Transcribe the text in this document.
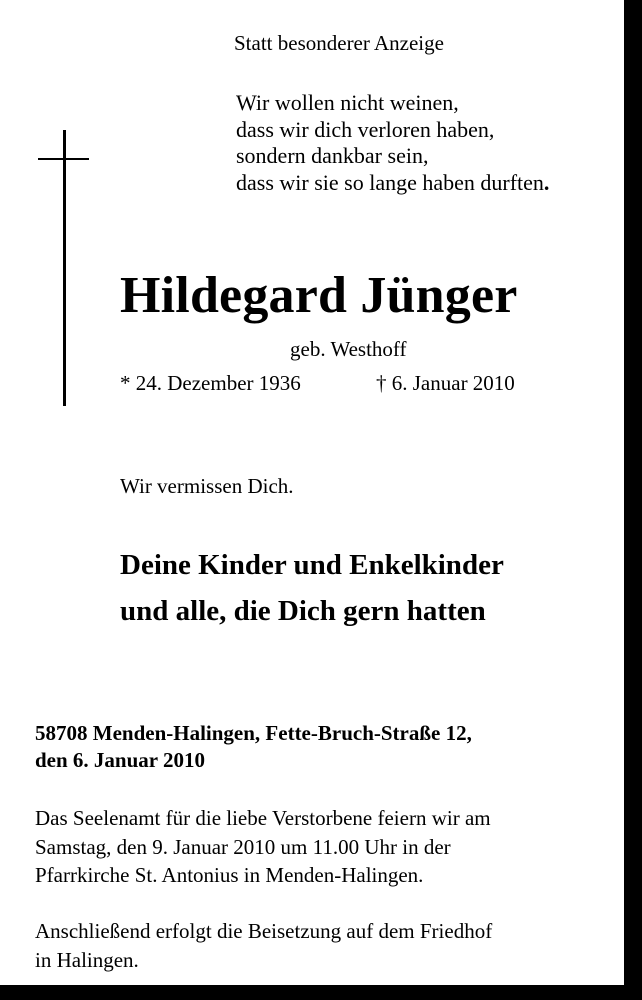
Statt besonderer Anzeige
Wir wollen nicht weinen,
dass wir dich verloren haben,
sondern dankbar sein,
dass wir sie so lange haben durften.
Hildegard Jünger
geb. Westhoff
* 24. Dezember 1936	† 6. Januar 2010
Wir vermissen Dich.
Deine Kinder und Enkelkinder
und alle, die Dich gern hatten
58708 Menden-Halingen, Fette-Bruch-Straße 12,
den 6. Januar 2010
Das Seelenamt für die liebe Verstorbene feiern wir am
Samstag, den 9. Januar 2010 um 11.00 Uhr in der
Pfarrkirche St. Antonius in Menden-Halingen.
Anschließend erfolgt die Beisetzung auf dem Friedhof
in Halingen.
